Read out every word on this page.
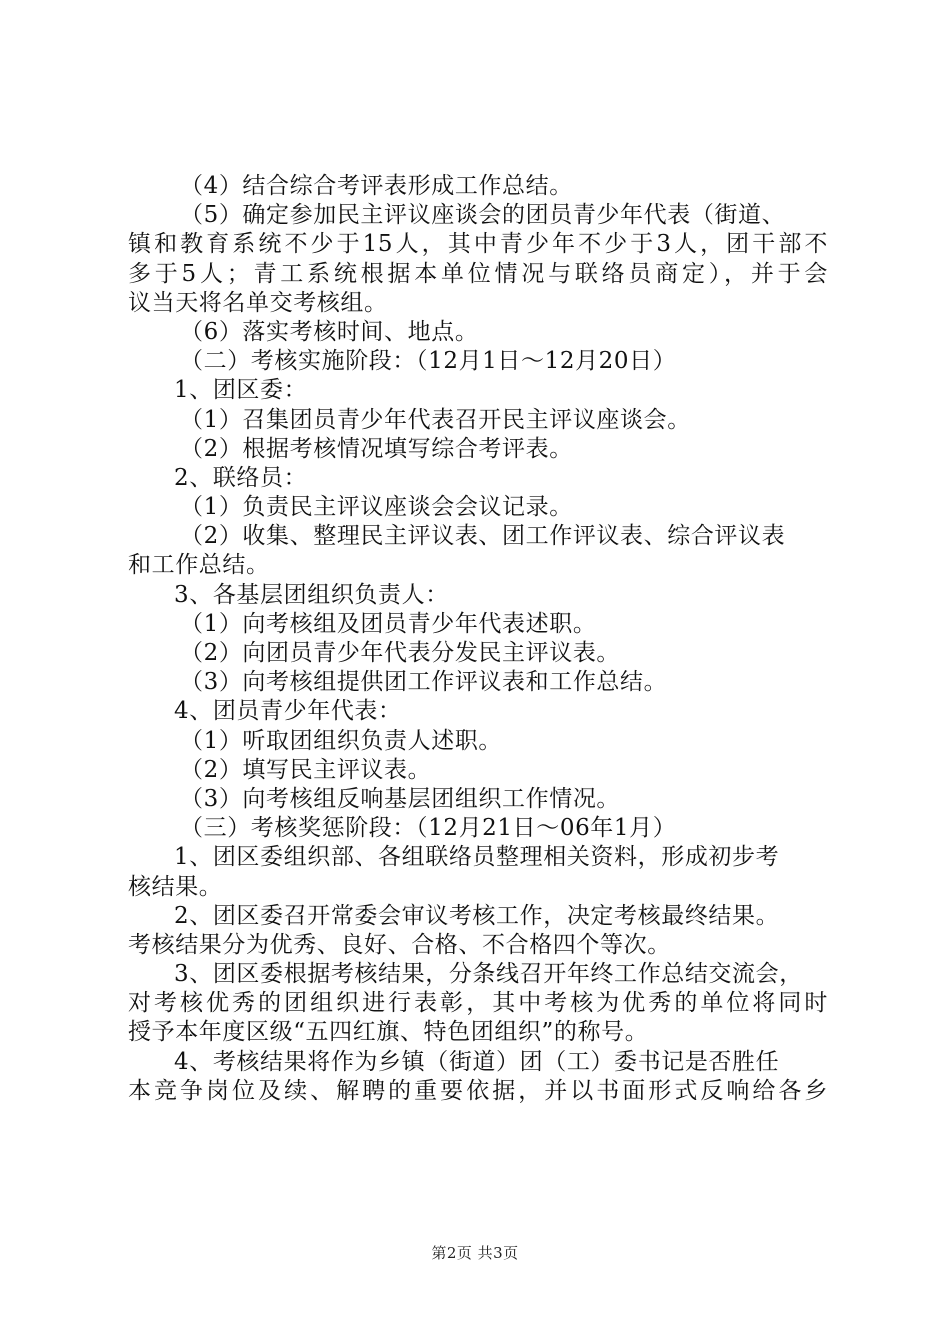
（4）结合综合考评表形成工作总结。
（5）确定参加民主评议座谈会的团员青少年代表（街道、
镇和教育系统不少于15人，其中青少年不少于3人，团干部不
多于5人；青工系统根据本单位情况与联络员商定），并于会
议当天将名单交考核组。
（6）落实考核时间、地点。
（二）考核实施阶段：（12月1日～12月20日）
1、团区委：
（1）召集团员青少年代表召开民主评议座谈会。
（2）根据考核情况填写综合考评表。
2、联络员：
（1）负责民主评议座谈会会议记录。
（2）收集、整理民主评议表、团工作评议表、综合评议表
和工作总结。
3、各基层团组织负责人：
（1）向考核组及团员青少年代表述职。
（2）向团员青少年代表分发民主评议表。
（3）向考核组提供团工作评议表和工作总结。
4、团员青少年代表：
（1）听取团组织负责人述职。
（2）填写民主评议表。
（3）向考核组反响基层团组织工作情况。
（三）考核奖惩阶段：（12月21日～06年1月）
1、团区委组织部、各组联络员整理相关资料，形成初步考
核结果。
2、团区委召开常委会审议考核工作，决定考核最终结果。
考核结果分为优秀、良好、合格、不合格四个等次。
3、团区委根据考核结果，分条线召开年终工作总结交流会，
对考核优秀的团组织进行表彰，其中考核为优秀的单位将同时
授予本年度区级“五四红旗、特色团组织”的称号。
4、考核结果将作为乡镇（街道）团（工）委书记是否胜任
本竞争岗位及续、解聘的重要依据，并以书面形式反响给各乡
第2页 共3页
